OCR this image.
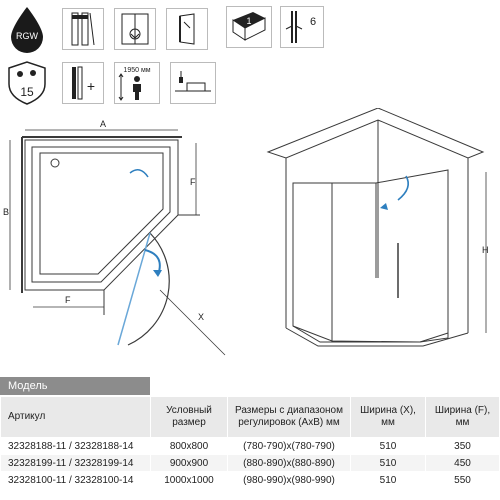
RGW
1	6
15	+
1950 мм
A
B
F
F
X
H
Модель
Артикул	Условный размер	Размеры с диапазоном регулировок (АхВ) мм	Ширина (Х), мм	Ширина (F), мм
32328188-11 / 32328188-14	800x800	(780-790)x(780-790)	510	350
32328199-11 / 32328199-14	900x900	(880-890)x(880-890)	510	450
32328100-11 / 32328100-14	1000x1000	(980-990)x(980-990)	510	550
